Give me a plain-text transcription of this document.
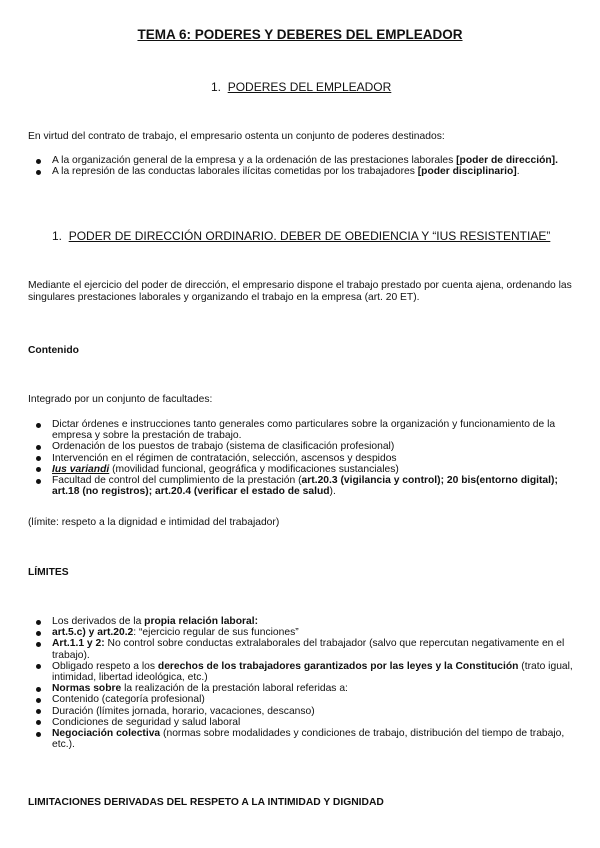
TEMA 6: PODERES Y DEBERES DEL EMPLEADOR
1. PODERES DEL EMPLEADOR
En virtud del contrato de trabajo, el empresario ostenta un conjunto de poderes destinados:
A la organización general de la empresa y a la ordenación de las prestaciones laborales [poder de dirección].
A la represión de las conductas laborales ilícitas cometidas por los trabajadores [poder disciplinario].
1. PODER DE DIRECCIÓN ORDINARIO. DEBER DE OBEDIENCIA Y “IUS RESISTENTIAE”
Mediante el ejercicio del poder de dirección, el empresario dispone el trabajo prestado por cuenta ajena, ordenando las singulares prestaciones laborales y organizando el trabajo en la empresa (art. 20 ET).
Contenido
Integrado por un conjunto de facultades:
Dictar órdenes e instrucciones tanto generales como particulares sobre la organización y funcionamiento de la empresa y sobre la prestación de trabajo.
Ordenación de los puestos de trabajo (sistema de clasificación profesional)
Intervención en el régimen de contratación, selección, ascensos y despidos
Ius variandi (movilidad funcional, geográfica y modificaciones sustanciales)
Facultad de control del cumplimiento de la prestación (art.20.3 (vigilancia y control); 20 bis(entorno digital); art.18 (no registros); art.20.4 (verificar el estado de salud).
(límite: respeto a la dignidad e intimidad del trabajador)
LÍMITES
Los derivados de la propia relación laboral:
art.5.c) y art.20.2: “ejercicio regular de sus funciones”
Art.1.1 y 2: No control sobre conductas extralaborales del trabajador (salvo que repercutan negativamente en el trabajo).
Obligado respeto a los derechos de los trabajadores garantizados por las leyes y la Constitución (trato igual, intimidad, libertad ideológica, etc.)
Normas sobre la realización de la prestación laboral referidas a:
Contenido (categoría profesional)
Duración (límites jornada, horario, vacaciones, descanso)
Condiciones de seguridad y salud laboral
Negociación colectiva (normas sobre modalidades y condiciones de trabajo, distribución del tiempo de trabajo, etc.).
LIMITACIONES DERIVADAS DEL RESPETO A LA INTIMIDAD Y DIGNIDAD
